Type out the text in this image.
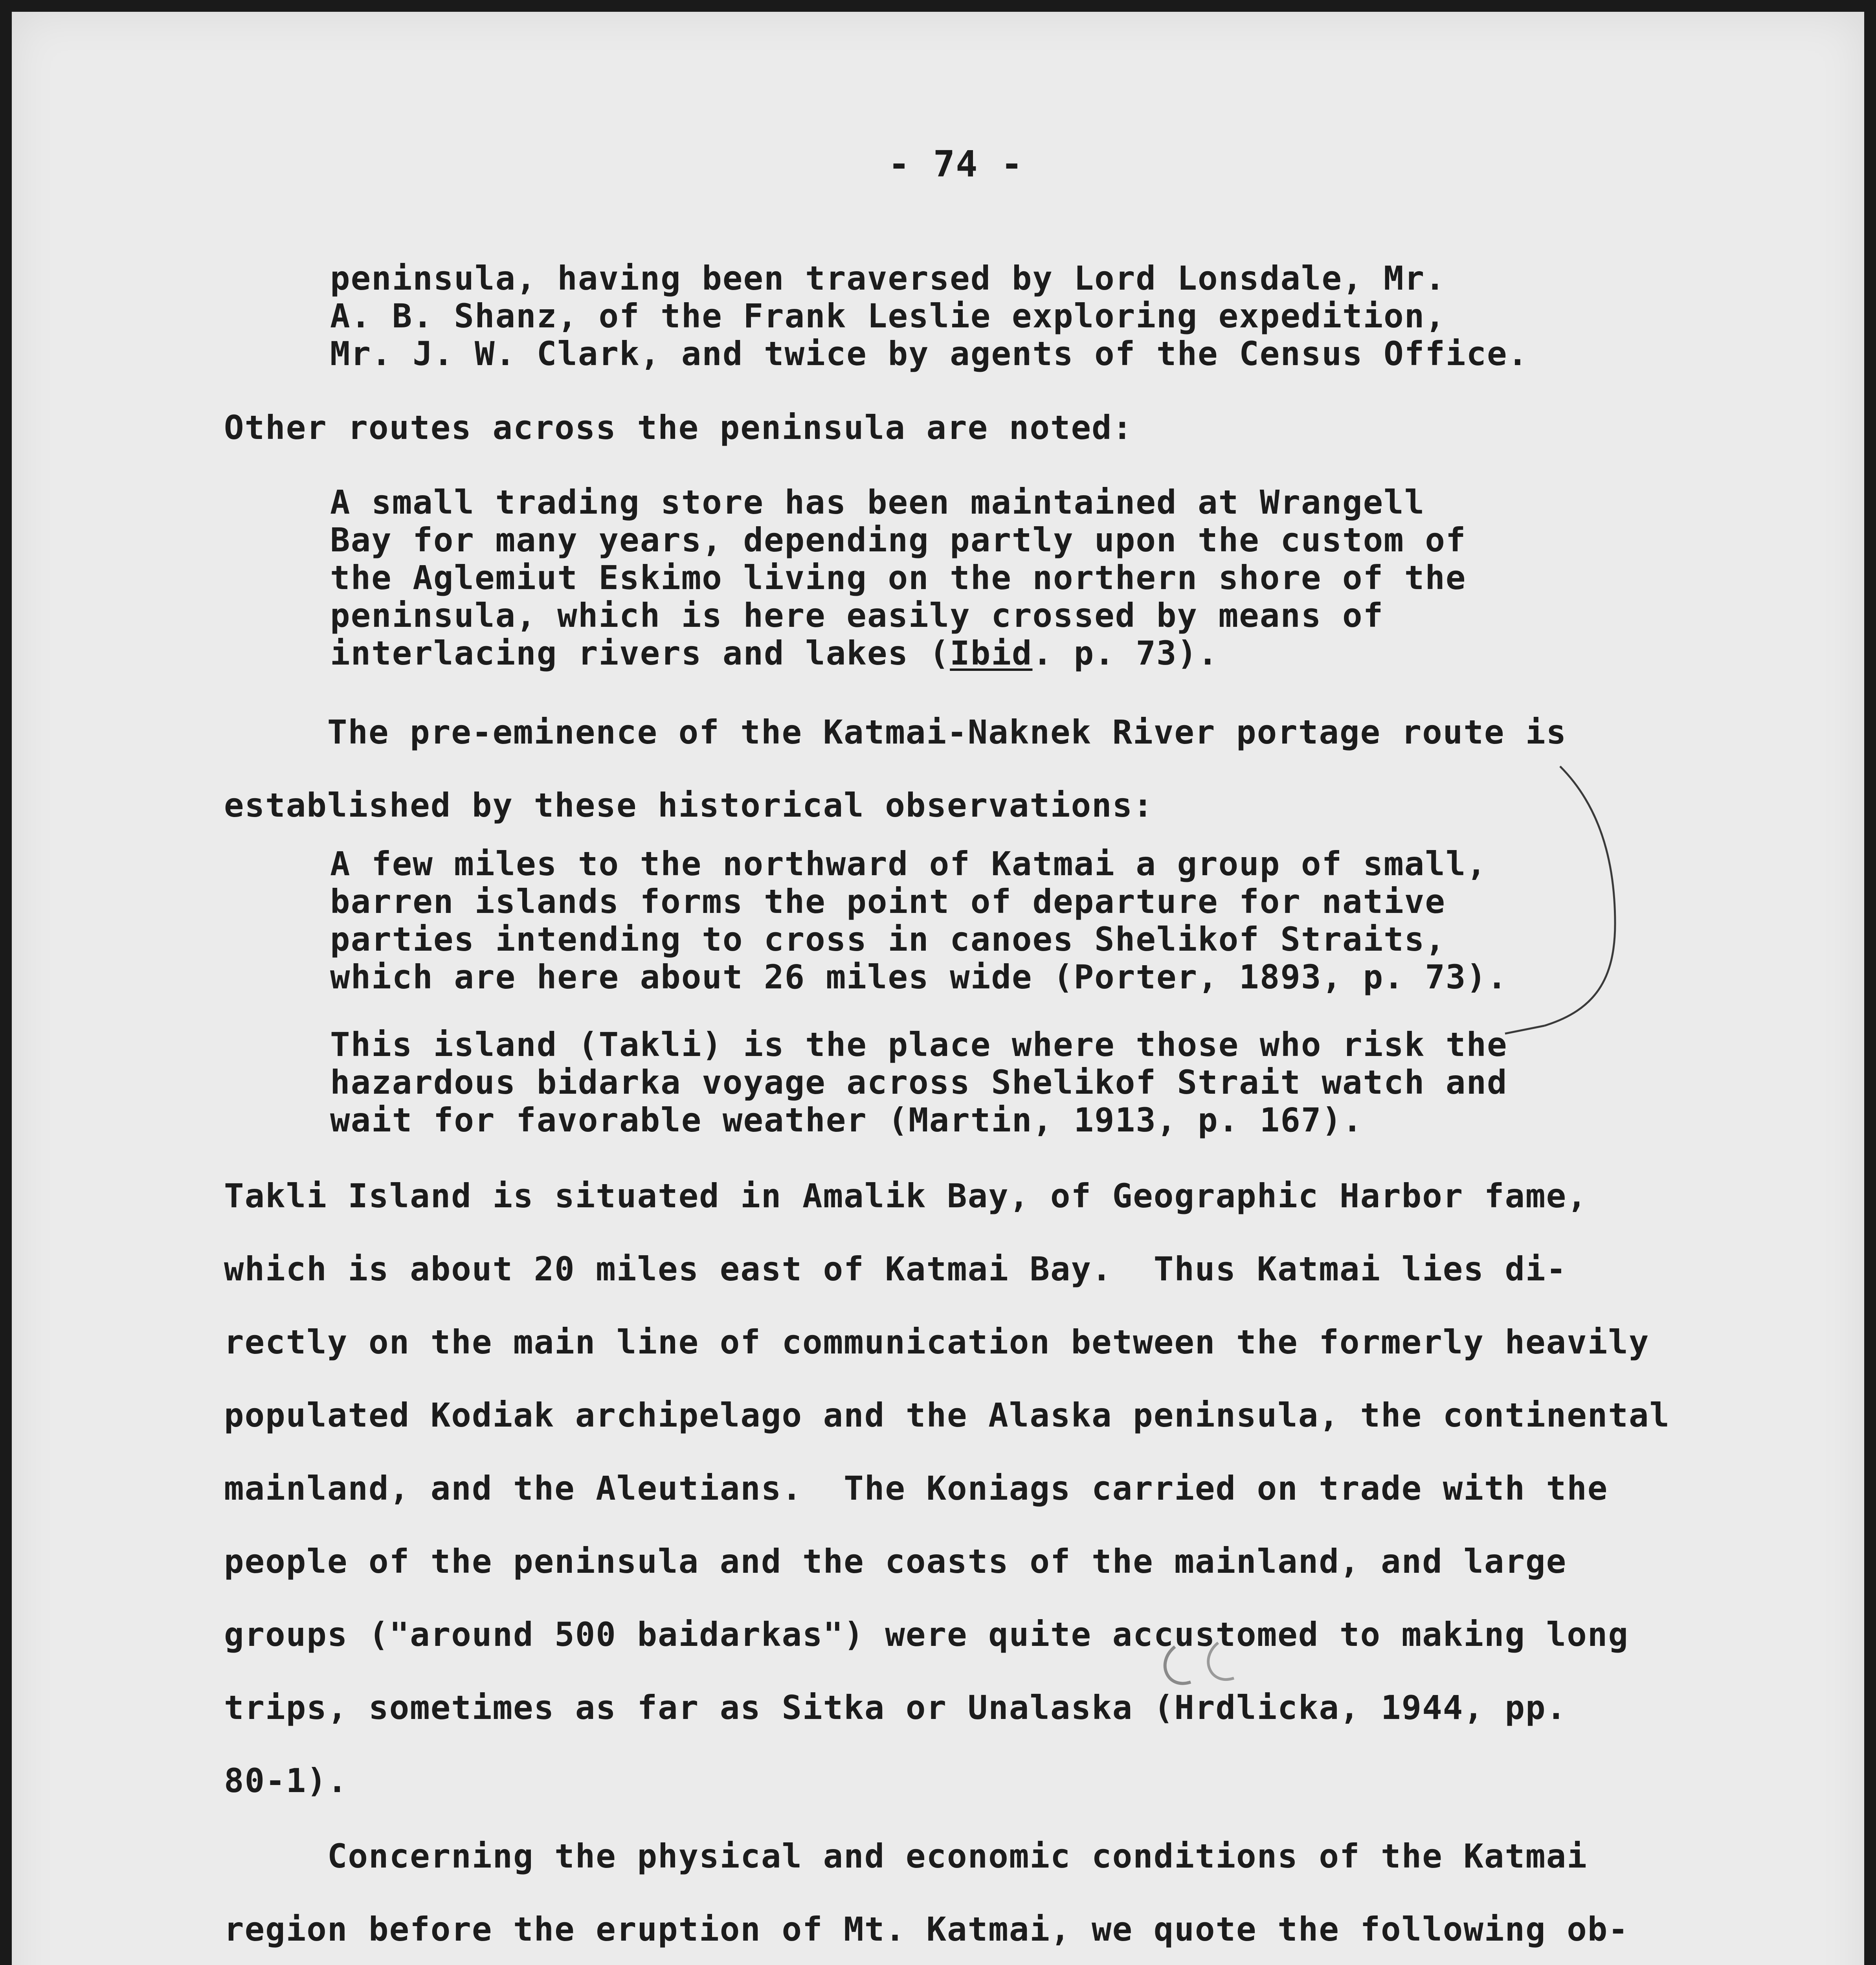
- 74 -
peninsula, having been traversed by Lord Lonsdale, Mr.
A. B. Shanz, of the Frank Leslie exploring expedition,
Mr. J. W. Clark, and twice by agents of the Census Office.
Other routes across the peninsula are noted:
A small trading store has been maintained at Wrangell
Bay for many years, depending partly upon the custom of
the Aglemiut Eskimo living on the northern shore of the
peninsula, which is here easily crossed by means of
interlacing rivers and lakes (Ibid. p. 73).
The pre-eminence of the Katmai-Naknek River portage route is
established by these historical observations:
A few miles to the northward of Katmai a group of small,
barren islands forms the point of departure for native
parties intending to cross in canoes Shelikof Straits,
which are here about 26 miles wide (Porter, 1893, p. 73).
This island (Takli) is the place where those who risk the
hazardous bidarka voyage across Shelikof Strait watch and
wait for favorable weather (Martin, 1913, p. 167).
Takli Island is situated in Amalik Bay, of Geographic Harbor fame,
which is about 20 miles east of Katmai Bay.  Thus Katmai lies di-
rectly on the main line of communication between the formerly heavily
populated Kodiak archipelago and the Alaska peninsula, the continental
mainland, and the Aleutians.  The Koniags carried on trade with the
people of the peninsula and the coasts of the mainland, and large
groups ("around 500 baidarkas") were quite accustomed to making long
trips, sometimes as far as Sitka or Unalaska (Hrdlicka, 1944, pp.
80-1).
Concerning the physical and economic conditions of the Katmai
region before the eruption of Mt. Katmai, we quote the following ob-
